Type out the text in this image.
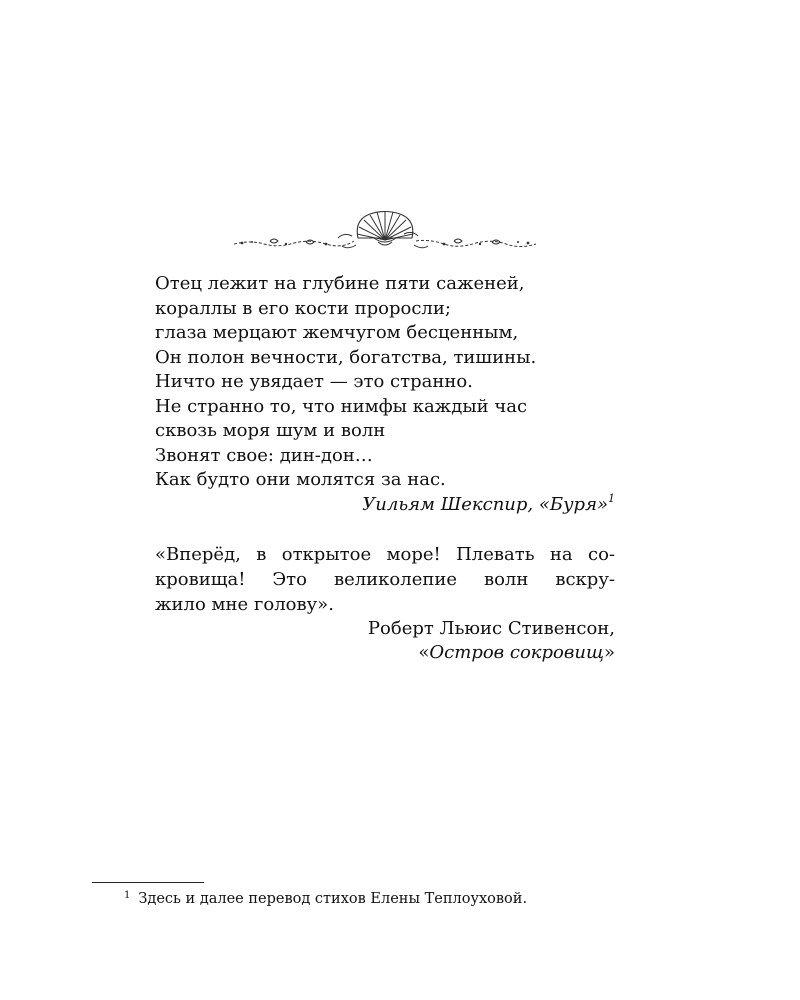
Отец лежит на глубине пяти саженей,
кораллы в его кости проросли;
глаза мерцают жемчугом бесценным,
Он полон вечности, богатства, тишины.
Ничто не увядает — это странно.
Не странно то, что нимфы каждый час
сквозь моря шум и волн
Звонят свое: дин-дон…
Как будто они молятся за нас.
Уильям Шекспир, «Буря»$^1$
«Вперёд, в открытое море! Плевать на со-
кровища! Это великолепие волн вскру-
жило мне голову».
Роберт Льюис Стивенсон,
«Остров сокровищ»
$^1$ Здесь и далее перевод стихов Елены Теплоуховой.
